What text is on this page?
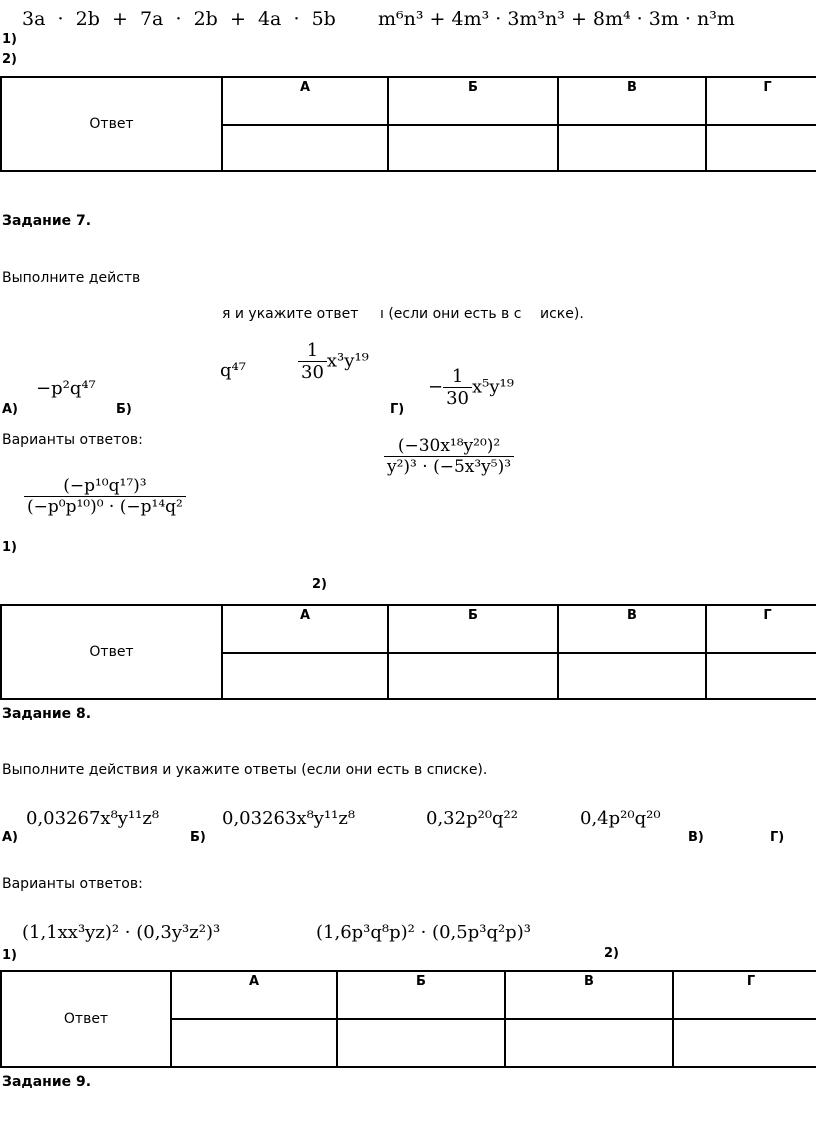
3a  ·  2b  +  7a  ·  2b  +  4a  ·  5b m⁶n³ + 4m³ · 3m³n³ + 8m⁴ · 3m · n³m
1)
2)
Ответ	А	Б	В	Г

Задание 7.
Выполните действ
я и укажите ответ ı (если они есть в с иске).
−p²q⁴⁷
q⁴⁷	$\frac{1}{30} x^3y^{19}$
− $\frac{1}{30} x^5y^{19}$
А)	Б)	Г)
Варианты ответов:
$\frac{\text{(−p¹⁰q¹⁷)³}}{\text{(−p⁰p¹⁰)⁰ · (−p¹⁴q²}}$
$\frac{\text{(−30x¹⁸y²⁰)²}}{\text{y²)³ · (−5x³y⁵)³}}$
1)
2)
Ответ	А	Б	В	Г

Задание 8.
Выполните действия и укажите ответы (если они есть в списке).
0,03267x⁸y¹¹z⁸	0,03263x⁸y¹¹z⁸	0,32p²⁰q²²	0,4p²⁰q²⁰
А)	Б)	В)	Г)
Варианты ответов:
(1,1xx³yz)² · (0,3y³z²)³	(1,6p³q⁸p)² · (0,5p³q²p)³
1)	2)
Ответ	А	Б	В	Г

Задание 9.
